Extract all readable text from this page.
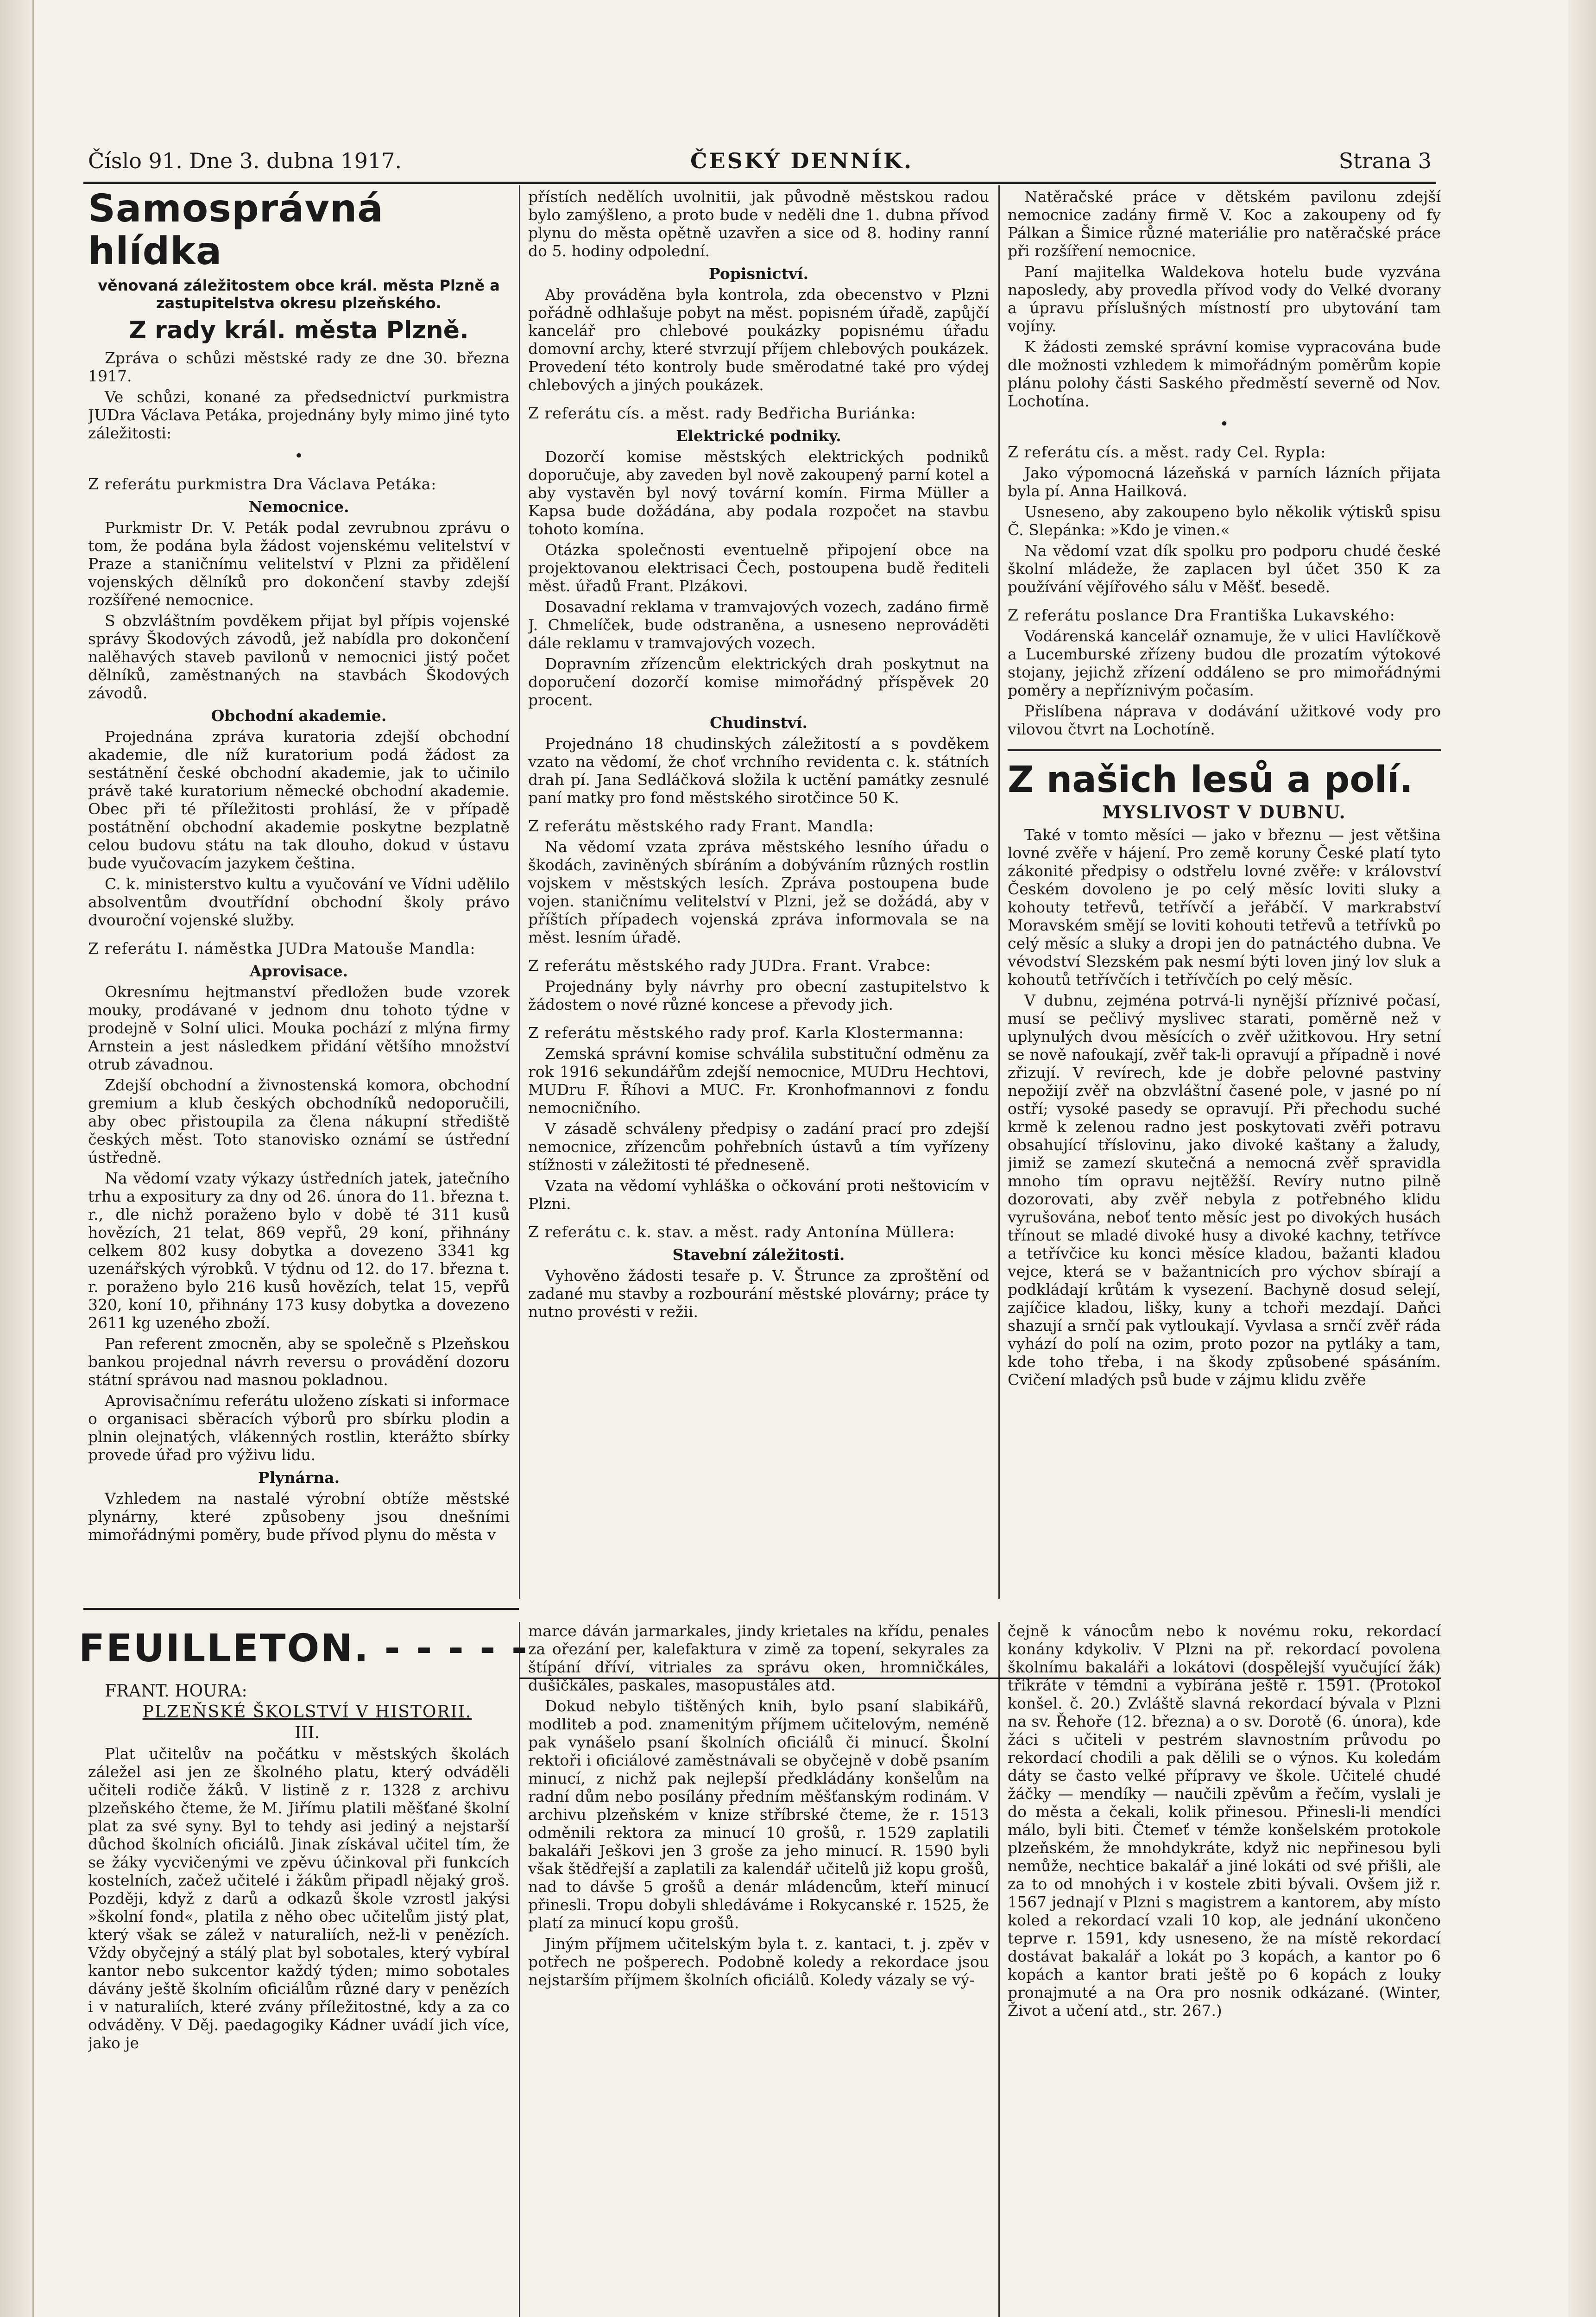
Číslo 91. Dne 3. dubna 1917.	ČESKÝ DENNÍK.	Strana 3
Samosprávná hlídka
věnovaná záležitostem obce král. města Plzně a zastupitelstva okresu plzeňského.
Z rady král. města Plzně.

Zpráva o schůzi městské rady ze dne 30. března 1917.

Ve schůzi, konané za předsednictví purkmistra JUDra Václava Petáka, projednány byly mimo jiné tyto záležitosti:

•

Z referátu purkmistra Dra Václava Petáka:

Nemocnice.

Purkmistr Dr. V. Peták podal zevrubnou zprávu o tom, že podána byla žádost vojenskému velitelství v Praze a staničnímu velitelství v Plzni za přidělení vojenských dělníků pro dokončení stavby zdejší rozšířené nemocnice.

S obzvláštním povděkem přijat byl přípis vojenské správy Škodových závodů, jež nabídla pro dokončení nalěhavých staveb pavilonů v nemocnici jistý počet dělníků, zaměstnaných na stavbách Škodových závodů.

Obchodní akademie.

Projednána zpráva kuratoria zdejší obchodní akademie, dle níž kuratorium podá žádost za sestátnění české obchodní akademie, jak to učinilo právě také kuratorium německé obchodní akademie. Obec při té příležitosti prohlásí, že v případě postátnění obchodní akademie poskytne bezplatně celou budovu státu na tak dlouho, dokud v ústavu bude vyučovacím jazykem čeština.

C. k. ministerstvo kultu a vyučování ve Vídni udělilo absolventům dvoutřídní obchodní školy právo dvouroční vojenské služby.

Z referátu I. náměstka JUDra Matouše Mandla:

Aprovisace.

Okresnímu hejtmanství předložen bude vzorek mouky, prodávané v jednom dnu tohoto týdne v prodejně v Solní ulici. Mouka pochází z mlýna firmy Arnstein a jest následkem přidání většího množství otrub závadnou.

Zdejší obchodní a živnostenská komora, obchodní gremium a klub českých obchodníků nedoporučili, aby obec přistoupila za člena nákupní střediště českých měst. Toto stanovisko oznámí se ústřední ústředně.

Na vědomí vzaty výkazy ústředních jatek, jatečního trhu a expositury za dny od 26. února do 11. března t. r., dle nichž poraženo bylo v době té 311 kusů hovězích, 21 telat, 869 vepřů, 29 koní, přihnány celkem 802 kusy dobytka a dovezeno 3341 kg uzenářských výrobků. V týdnu od 12. do 17. března t. r. poraženo bylo 216 kusů hovězích, telat 15, vepřů 320, koní 10, přihnány 173 kusy dobytka a dovezeno 2611 kg uzeného zboží.

Pan referent zmocněn, aby se společně s Plzeňskou bankou projednal návrh reversu o provádění dozoru státní správou nad masnou pokladnou.

Aprovisačnímu referátu uloženo získati si informace o organisaci sběracích výborů pro sbírku plodin a plnin olejnatých, vlákenných rostlin, kterážto sbírky provede úřad pro výživu lidu.

Plynárna.

Vzhledem na nastalé výrobní obtíže městské plynárny, které způsobeny jsou dnešními mimořádnými poměry, bude přívod plynu do města v

přístích nedělích uvolnitii, jak původně městskou radou bylo zamýšleno, a proto bude v neděli dne 1. dubna přívod plynu do města opětně uzavřen a sice od 8. hodiny ranní do 5. hodiny odpolední.

Popisnictví.

Aby prováděna byla kontrola, zda obecenstvo v Plzni pořádně odhlašuje pobyt na měst. popisném úřadě, zapůjčí kancelář pro chlebové poukázky popisnému úřadu domovní archy, které stvrzují příjem chlebových poukázek. Provedení této kontroly bude směrodatné také pro výdej chlebových a jiných poukázek.

Z referátu cís. a měst. rady Bedřicha Buriánka:

Elektrické podniky.

Dozorčí komise městských elektrických podniků doporučuje, aby zaveden byl nově zakoupený parní kotel a aby vystavěn byl nový tovární komín. Firma Müller a Kapsa bude dožádána, aby podala rozpočet na stavbu tohoto komína.

Otázka společnosti eventuelně připojení obce na projektovanou elektrisaci Čech, postoupena budě řediteli měst. úřadů Frant. Plzákovi.

Dosavadní reklama v tramvajových vozech, zadáno firmě J. Chmelíček, bude odstraněna, a usneseno neprováděti dále reklamu v tramvajových vozech.

Dopravním zřízencům elektrických drah poskytnut na doporučení dozorčí komise mimořádný příspěvek 20 procent.

Chudinství.

Projednáno 18 chudinských záležitostí a s povděkem vzato na vědomí, že choť vrchního revidenta c. k. státních drah pí. Jana Sedláčková složila k uctění památky zesnulé paní matky pro fond městského sirotčince 50 K.

Z referátu městského rady Frant. Mandla:

Na vědomí vzata zpráva městského lesního úřadu o škodách, zaviněných sbíráním a dobýváním různých rostlin vojskem v městských lesích. Zpráva postoupena bude vojen. staničnímu velitelství v Plzni, jež se dožádá, aby v příštích případech vojenská zpráva informovala se na měst. lesním úřadě.

Z referátu městského rady JUDra. Frant. Vrabce:

Projednány byly návrhy pro obecní zastupitelstvo k žádostem o nové různé koncese a převody jich.

Z referátu městského rady prof. Karla Klostermanna:

Zemská správní komise schválila substituční odměnu za rok 1916 sekundářům zdejší nemocnice, MUDru Hechtovi, MUDru F. Říhovi a MUC. Fr. Kronhofmannovi z fondu nemocničního.

V zásadě schváleny předpisy o zadání prací pro zdejší nemocnice, zřízencům pohřebních ústavů a tím vyřízeny stížnosti v záležitosti té předneseně.

Vzata na vědomí vyhláška o očkování proti neštovicím v Plzni.

Z referátu c. k. stav. a měst. rady Antonína Müllera:

Stavební záležitosti.

Vyhověno žádosti tesaře p. V. Štrunce za zproštění od zadané mu stavby a rozbourání městské plovárny; práce ty nutno provésti v režii.

Natěračské práce v dětském pavilonu zdejší nemocnice zadány firmě V. Koc a zakoupeny od fy Pálkan a Šimice různé materiálie pro natěračské práce při rozšíření nemocnice.

Paní majitelka Waldekova hotelu bude vyzvána naposledy, aby provedla přívod vody do Velké dvorany a úpravu příslušných místností pro ubytování tam vojíny.

K žádosti zemské správní komise vypracována bude dle možnosti vzhledem k mimořádným poměrům kopie plánu polohy části Saského předměstí severně od Nov. Lochotína.

•

Z referátu cís. a měst. rady Cel. Rypla:

Jako výpomocná lázeňská v parních lázních přijata byla pí. Anna Hailková.

Usneseno, aby zakoupeno bylo několik výtisků spisu Č. Slepánka: »Kdo je vinen.«

Na vědomí vzat dík spolku pro podporu chudé české školní mládeže, že zaplacen byl účet 350 K za používání vějířového sálu v Měšť. besedě.

Z referátu poslance Dra Františka Lukavského:

Vodárenská kancelář oznamuje, že v ulici Havlíčkově a Lucemburské zřízeny budou dle prozatím výtokové stojany, jejichž zřízení oddáleno se pro mimořádnými poměry a nepříznivým počasím.

Přislíbena náprava v dodávání užitkové vody pro vilovou čtvrt na Lochotíně.

Z našich lesů a polí.
MYSLIVOST V DUBNU.

Také v tomto měsíci — jako v březnu — jest většina lovné zvěře v hájení. Pro země koruny České platí tyto zákonité předpisy o odstřelu lovné zvěře: v království Českém dovoleno je po celý měsíc loviti sluky a kohouty tetřevů, tetřívčí a jeřábčí. V markrabství Moravském smějí se loviti kohouti tetřevů a tetřívků po celý měsíc a sluky a dropi jen do patnáctého dubna. Ve vévodství Slezském pak nesmí býti loven jiný lov sluk a kohoutů tetřívčích i tetřívčích po celý měsíc.

V dubnu, zejména potrvá-li nynější příznivé počasí, musí se pečlivý myslivec starati, poměrně než v uplynulých dvou měsících o zvěř užitkovou. Hry setní se nově nafoukají, zvěř tak-li opravují a případně i nové zřizují. V revírech, kde je dobře pelovné pastviny nepožijí zvěř na obzvláštní časené pole, v jasné po ní ostří; vysoké pasedy se opravují. Při přechodu suché krmě k zelenou radno jest poskytovati zvěři potravu obsahující tříslovinu, jako divoké kaštany a žaludy, jimiž se zamezí skutečná a nemocná zvěř spravidla mnoho tím opravu nejtěžší. Revíry nutno pilně dozorovati, aby zvěř nebyla z potřebného klidu vyrušována, neboť tento měsíc jest po divokých husách třínout se mladé divoké husy a divoké kachny, tetřívce a tetřívčice ku konci měsíce kladou, bažanti kladou vejce, která se v bažantnicích pro výchov sbírají a podkládají krůtám k vysezení. Bachyně dosud selejí, zajíčice kladou, lišky, kuny a tchoři mezdají. Daňci shazují a srnčí pak vytloukají. Vyvlasa a srnčí zvěř ráda vyhází do polí na ozim, proto pozor na pytláky a tam, kde toho třeba, i na škody způsobené spásáním. Cvičení mladých psů bude v zájmu klidu zvěře

FEUILLETON. - - - - -

FRANT. HOURA:

PLZEŇSKÉ ŠKOLSTVÍ V HISTORII.

III.

Plat učitelův na počátku v městských školách záležel asi jen ze školného platu, který odváděli učiteli rodiče žáků. V listině z r. 1328 z archivu plzeňského čteme, že M. Jiřímu platili měšťané školní plat za své syny. Byl to tehdy asi jediný a nejstarší důchod školních oficiálů. Jinak získával učitel tím, že se žáky vycvičenými ve zpěvu účinkoval při funkcích kostelních, začež učitelé i žákům připadl nějaký groš. Později, když z darů a odkazů škole vzrostl jakýsi »školní fond«, platila z něho obec učitelům jistý plat, který však se zálež v naturaliích, než-li v penězích. Vždy obyčejný a stálý plat byl sobotales, který vybíral kantor nebo sukcentor každý týden; mimo sobotales dávány ještě školním oficiálům různé dary v penězích i v naturaliích, které zvány příležitostné, kdy a za co odváděny. V Děj. paedagogiky Kádner uvádí jich více, jako je

marce dáván jarmarkales, jindy krietales na křídu, penales za ořezání per, kalefaktura v zimě za topení, sekyrales za štípání dříví, vitriales za správu oken, hromničkáles, dušičkáles, paskales, masopustáles atd.

Dokud nebylo tištěných knih, bylo psaní slabikářů, modliteb a pod. znamenitým příjmem učitelovým, neméně pak vynášelo psaní školních oficiálů či minucí. Školní rektoři i oficiálové zaměstnávali se obyčejně v době psaním minucí, z nichž pak nejlepší předkládány konšelům na radní dům nebo posílány předním měšťanským rodinám. V archivu plzeňském v knize stříbrské čteme, že r. 1513 odměnili rektora za minucí 10 grošů, r. 1529 zaplatili bakaláři Ješkovi jen 3 groše za jeho minucí. R. 1590 byli však štědřejší a zaplatili za kalendář učitelů již kopu grošů, nad to dávše 5 grošů a denár mládencům, kteří minucí přinesli. Tropu dobyli shledáváme i Rokycanské r. 1525, že platí za minucí kopu grošů.

Jiným příjmem učitelským byla t. z. kantaci, t. j. zpěv v potřech ne pošperech. Podobně koledy a rekordace jsou nejstarším příjmem školních oficiálů. Koledy vázaly se vý-

čejně k vánocům nebo k novému roku, rekordací konány kdykoliv. V Plzni na př. rekordací povolena školnímu bakaláři a lokátovi (dospělejší vyučující žák) třikráte v témdni a vybírána ještě r. 1591. (Protokol konšel. č. 20.) Zvláště slavná rekordací bývala v Plzni na sv. Řehoře (12. března) a o sv. Dorotě (6. února), kde žáci s učiteli v pestrém slavnostním průvodu po rekordací chodili a pak dělili se o výnos. Ku koledám dáty se často velké přípravy ve škole. Učitelé chudé žáčky — mendíky — naučili zpěvům a řečím, vyslali je do města a čekali, kolik přinesou. Přinesli-li mendíci málo, byli biti. Čtemeť v témže konšelském protokole plzeňském, že mnohdykráte, když nic nepřinesou byli nemůže, nechtice bakalář a jiné lokáti od své přišli, ale za to od mnohých i v kostele zbiti bývali. Ovšem již r. 1567 jednají v Plzni s magistrem a kantorem, aby místo koled a rekordací vzali 10 kop, ale jednání ukončeno teprve r. 1591, kdy usneseno, že na místě rekordací dostávat bakalář a lokát po 3 kopách, a kantor po 6 kopách a kantor brati ještě po 6 kopách z louky pronajmuté a na Ora pro nosnik odkázané. (Winter, Život a učení atd., str. 267.)
